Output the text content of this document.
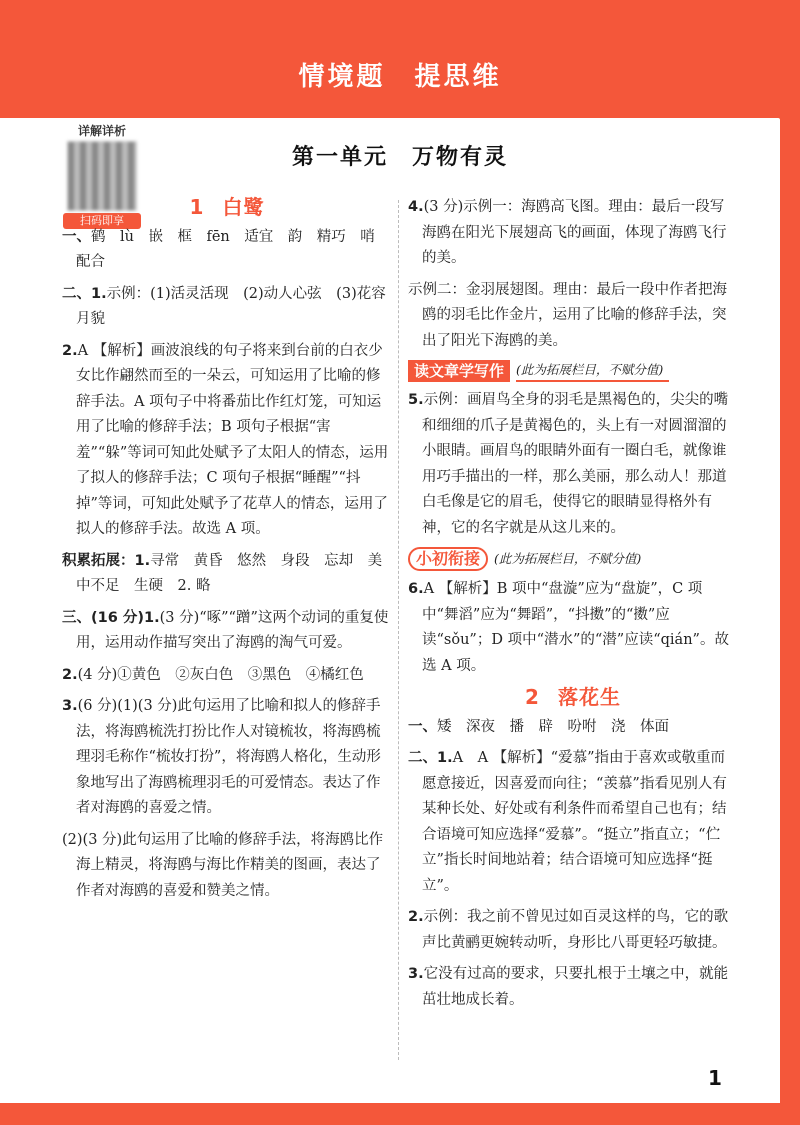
情境题　提思维
详解详析
扫码即享
第一单元　万物有灵
1 白鹭
一、鹤　lù　嵌　框　fēn　适宜　韵　精巧　哨　配合
二、1.示例：(1)活灵活现　(2)动人心弦　(3)花容月貌
2.A 【解析】画波浪线的句子将来到台前的白衣少女比作翩然而至的一朵云，可知运用了比喻的修辞手法。A 项句子中将番茄比作红灯笼，可知运用了比喻的修辞手法；B 项句子根据“害羞”“躲”等词可知此处赋予了太阳人的情态，运用了拟人的修辞手法；C 项句子根据“睡醒”“抖掉”等词，可知此处赋予了花草人的情态，运用了拟人的修辞手法。故选 A 项。
积累拓展：1.寻常　黄昏　悠然　身段　忘却　美中不足　生硬　2. 略
三、(16 分)1.(3 分)“啄”“蹭”这两个动词的重复使用，运用动作描写突出了海鸥的淘气可爱。
2.(4 分)①黄色　②灰白色　③黑色　④橘红色
3.(6 分)(1)(3 分)此句运用了比喻和拟人的修辞手法，将海鸥梳洗打扮比作人对镜梳妆，将海鸥梳理羽毛称作“梳妆打扮”，将海鸥人格化，生动形象地写出了海鸥梳理羽毛的可爱情态。表达了作者对海鸥的喜爱之情。
(2)(3 分)此句运用了比喻的修辞手法，将海鸥比作海上精灵，将海鸥与海比作精美的图画，表达了作者对海鸥的喜爱和赞美之情。
4.(3 分)示例一：海鸥高飞图。理由：最后一段写海鸥在阳光下展翅高飞的画面，体现了海鸥飞行的美。
示例二：金羽展翅图。理由：最后一段中作者把海鸥的羽毛比作金片，运用了比喻的修辞手法，突出了阳光下海鸥的美。
读文章学写作 (此为拓展栏目，不赋分值)
5.示例：画眉鸟全身的羽毛是黑褐色的，尖尖的嘴和细细的爪子是黄褐色的，头上有一对圆溜溜的小眼睛。画眉鸟的眼睛外面有一圈白毛，就像谁用巧手描出的一样，那么美丽，那么动人！那道白毛像是它的眉毛，使得它的眼睛显得格外有神，它的名字就是从这儿来的。
小初衔接	(此为拓展栏目，不赋分值)
6.A 【解析】B 项中“盘漩”应为“盘旋”，C 项中“舞滔”应为“舞蹈”，“抖擞”的“擞”应读“sǒu”；D 项中“潜水”的“潜”应读“qián”。故选 A 项。
2 落花生
一、矮　深夜　播　辟　吩咐　浇　体面
二、1.A　A 【解析】“爱慕”指由于喜欢或敬重而愿意接近，因喜爱而向往；“羡慕”指看见别人有某种长处、好处或有利条件而希望自己也有；结合语境可知应选择“爱慕”。“挺立”指直立；“伫立”指长时间地站着；结合语境可知应选择“挺立”。
2.示例：我之前不曾见过如百灵这样的鸟，它的歌声比黄鹂更婉转动听，身形比八哥更轻巧敏捷。
3.它没有过高的要求，只要扎根于土壤之中，就能茁壮地成长着。
1
